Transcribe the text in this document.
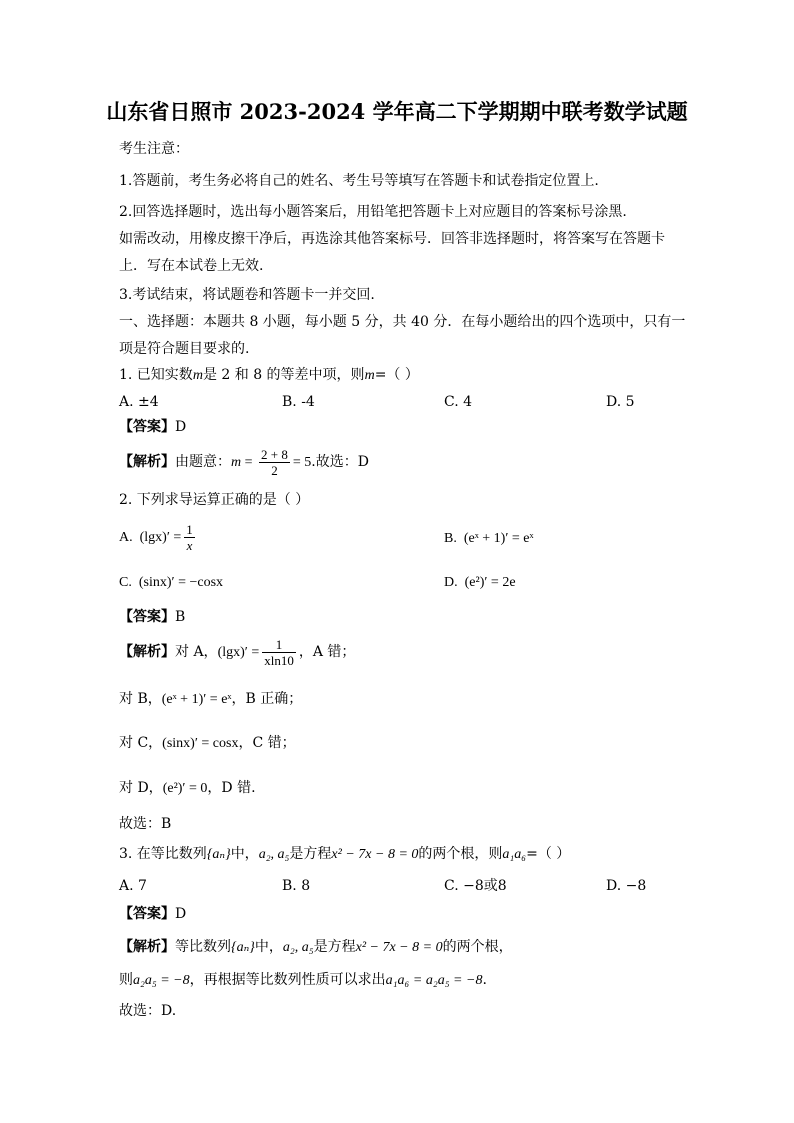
山东省日照市 2023-2024 学年高二下学期期中联考数学试题
考生注意：
1.答题前，考生务必将自己的姓名、考生号等填写在答题卡和试卷指定位置上.
2.回答选择题时，选出每小题答案后，用铅笔把答题卡上对应题目的答案标号涂黑.
如需改动，用橡皮擦干净后，再选涂其他答案标号．回答非选择题时，将答案写在答题卡
上．写在本试卷上无效.
3.考试结束，将试题卷和答题卡一并交回.
一、选择题：本题共 8 小题，每小题 5 分，共 40 分．在每小题给出的四个选项中，只有一
项是符合题目要求的.
1. 已知实数m是 2 和 8 的等差中项，则m=（ ）
A. ±4	B. -4	C. 4	D. 5
【答案】D
【解析】由题意：$m = \frac{2 + 8}{2} = 5$.故选：D
2. 下列求导运算正确的是（ ）
A. $(\lg x)' = \frac{1}{x}$	B. (eˣ + 1)′ = eˣ
C. (sinx)′ = −cosx	D. (e²)′ = 2e
【答案】B
【解析】对 A，$(\lg x)' = \frac{1}{xln10}$ ，A 错；
对 B，(eˣ + 1)′ = eˣ，B 正确；
对 C，(sinx)′ = cosx，C 错；
对 D，(e²)′ = 0，D 错.
故选：B
3. 在等比数列{aₙ}中，a₂, a₅是方程x² − 7x − 8 = 0的两个根，则a₁a₆=（ ）
A. 7	B. 8	C. −8或8	D. −8
【答案】D
【解析】等比数列{aₙ}中，a₂, a₅是方程x² − 7x − 8 = 0的两个根，
则a₂a₅ = −8，再根据等比数列性质可以求出a₁a₆ = a₂a₅ = −8.
故选：D.
